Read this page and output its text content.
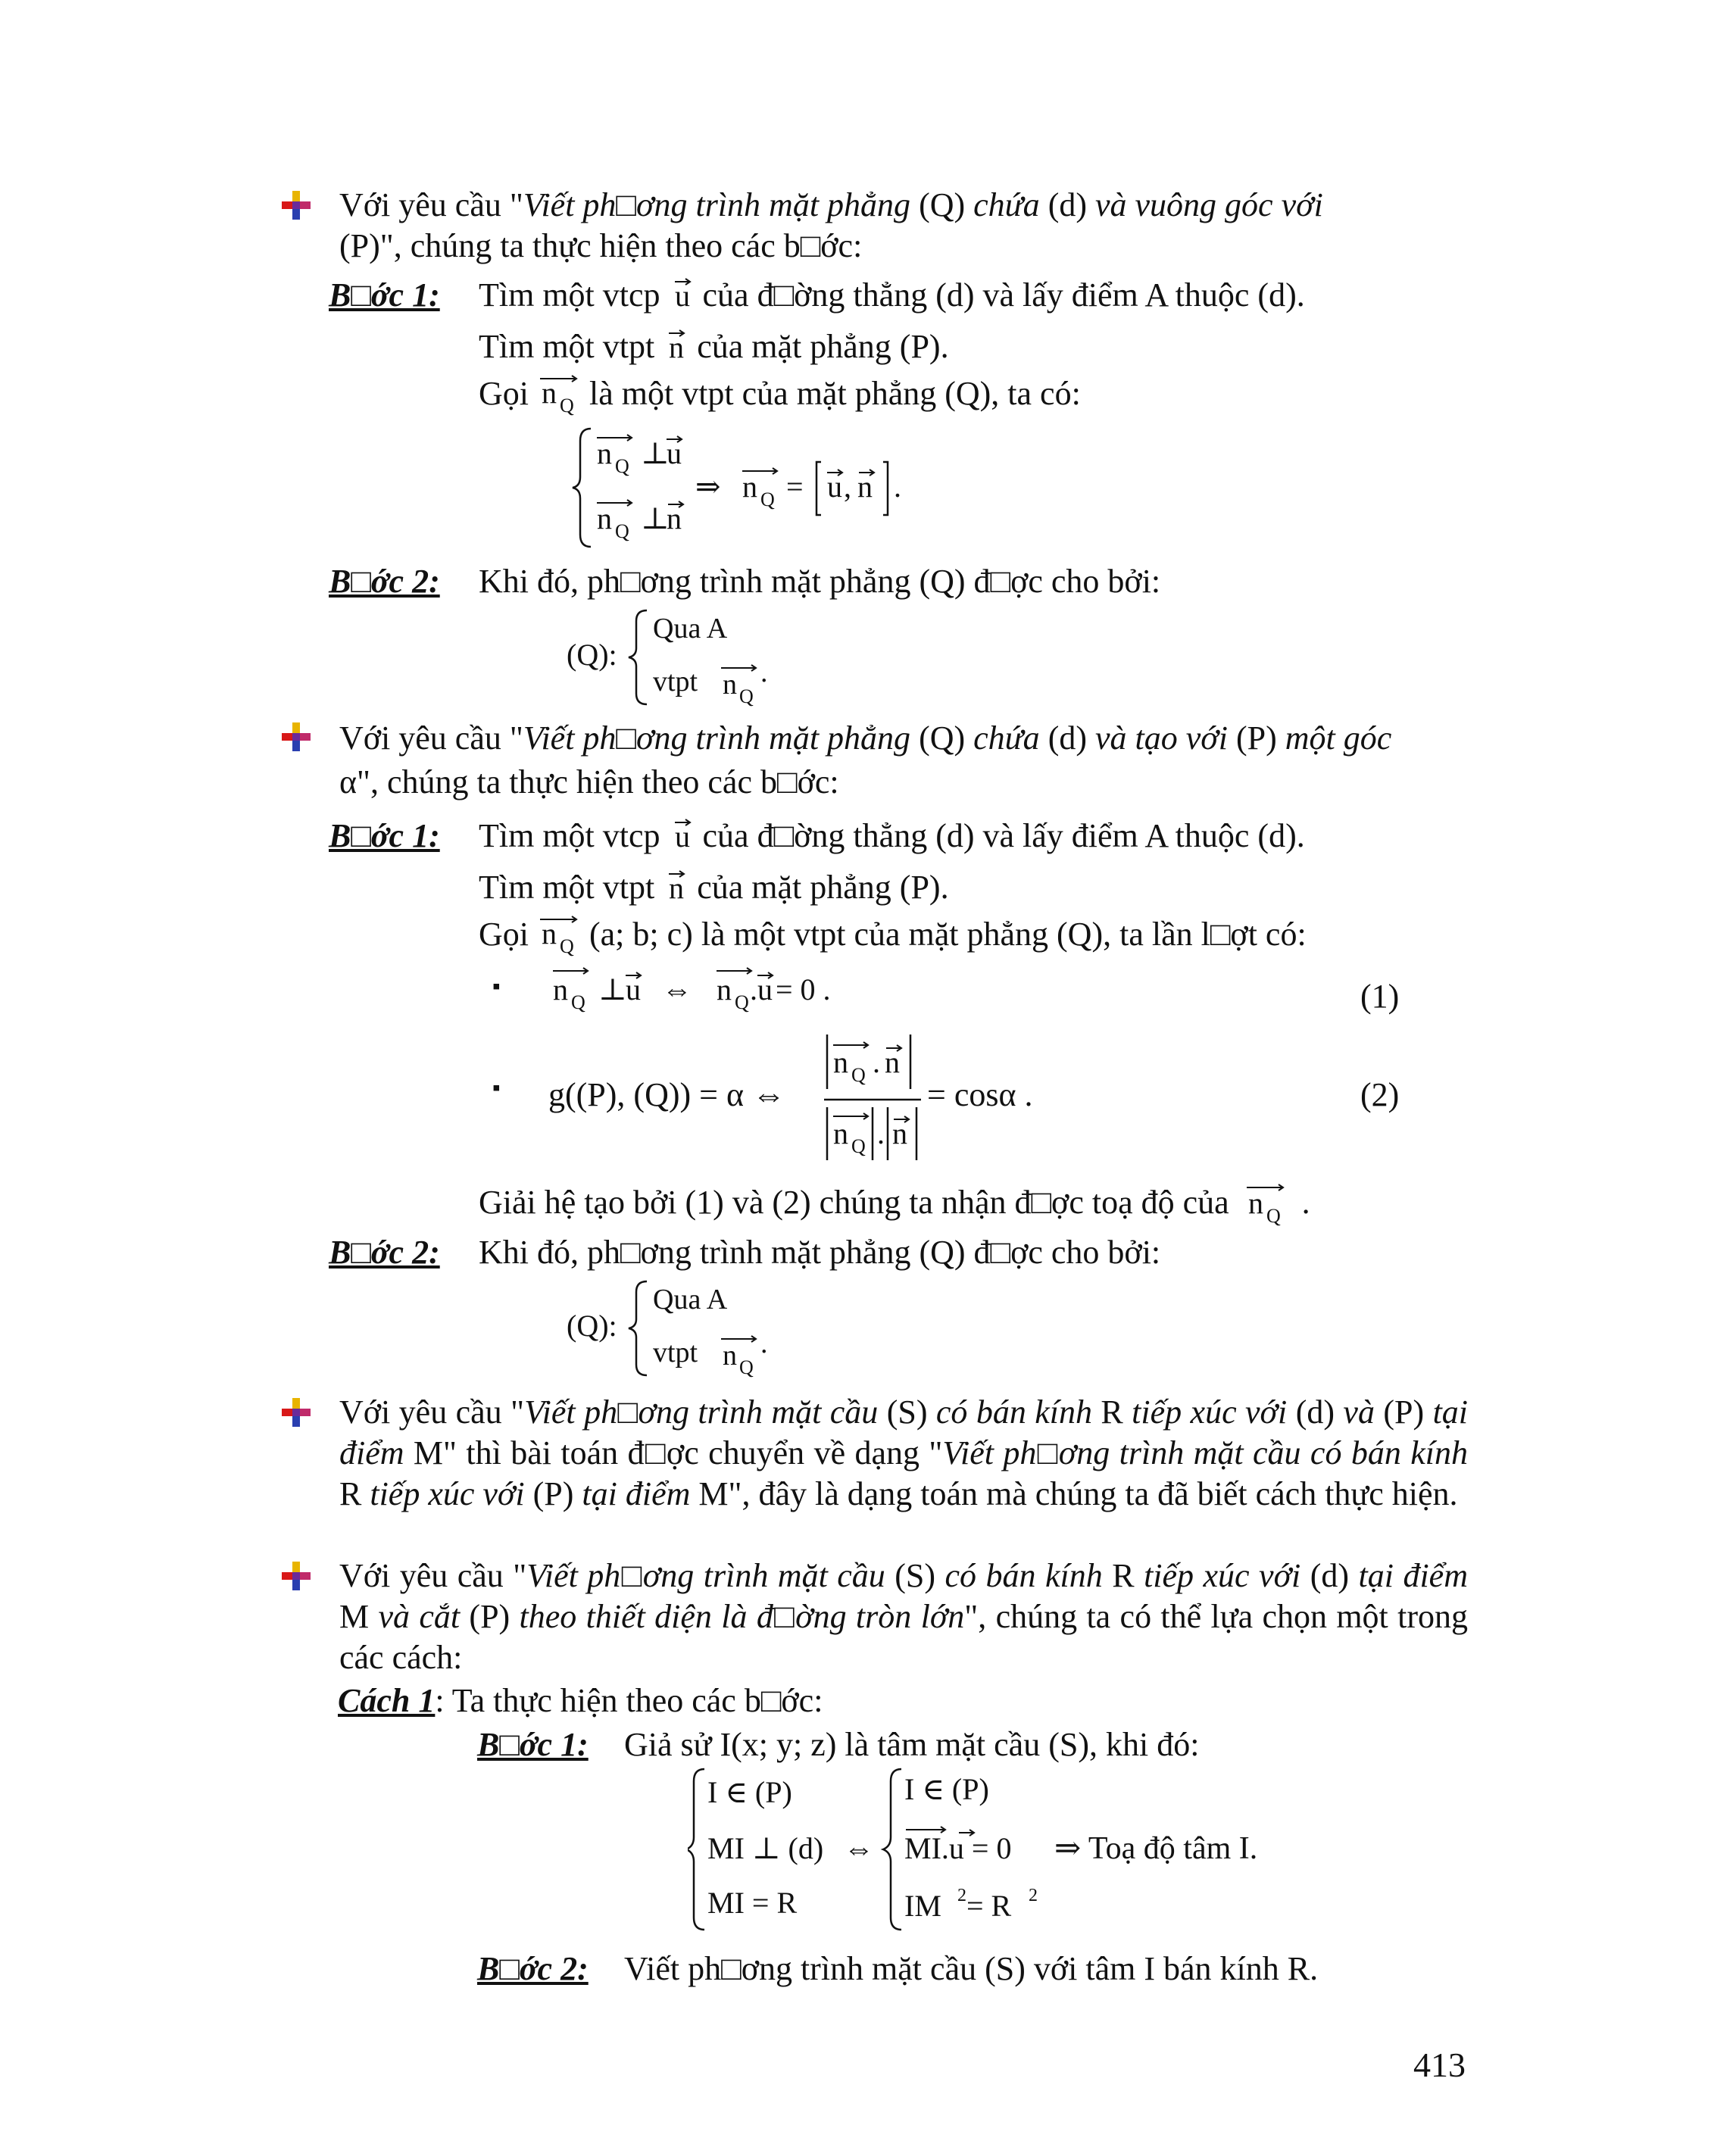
Với yêu cầu "Viết ph□ơng trình mặt phẳng (Q) chứa (d) và vuông góc với
(P)", chúng ta thực hiện theo các b□ớc:
B□ớc 1: Tìm một vtcp u của đ□ờng thẳng (d) và lấy điểm A thuộc (d).
Tìm một vtpt n của mặt phẳng (P).
Gọi n Q là một vtpt của mặt phẳng (Q), ta có:
n Q ⊥
u
n Q ⊥
n
⇒ n Q = u , n .
B□ớc 2: Khi đó, ph□ơng trình mặt phẳng (Q) đ□ợc cho bởi:
(Q):
Qua A
vtpt n Q
.
Với yêu cầu "Viết ph□ơng trình mặt phẳng (Q) chứa (d) và tạo với (P) một góc
α", chúng ta thực hiện theo các b□ớc:
B□ớc 1: Tìm một vtcp u của đ□ờng thẳng (d) và lấy điểm A thuộc (d).
Tìm một vtpt n của mặt phẳng (P).
Gọi n Q (a; b; c) là một vtpt của mặt phẳng (Q), ta lần l□ợt có:
▪ n Q ⊥
u ⇔ n Q .u = 0 .	(1)
▪ g((P), (Q)) = α ⇔
n Q . n
n Q . n
= cosα .	(2)
Giải hệ tạo bởi (1) và (2) chúng ta nhận đ□ợc toạ độ của n Q .
B□ớc 2: Khi đó, ph□ơng trình mặt phẳng (Q) đ□ợc cho bởi:
(Q):
Qua A
vtpt n Q
.
Với yêu cầu "Viết ph□ơng trình mặt cầu (S) có bán kính R tiếp xúc với (d) và (P) tại điểm M" thì bài toán đ□ợc chuyển về dạng "Viết ph□ơng trình mặt cầu có bán kính R tiếp xúc với (P) tại điểm M", đây là dạng toán mà chúng ta đã biết cách thực hiện.
Với yêu cầu "Viết ph□ơng trình mặt cầu (S) có bán kính R tiếp xúc với (d) tại điểm M và cắt (P) theo thiết diện là đ□ờng tròn lớn", chúng ta có thể lựa chọn một trong các cách:
Cách 1: Ta thực hiện theo các b□ớc:
B□ớc 1: Giả sử I(x; y; z) là tâm mặt cầu (S), khi đó:
I ∈ (P)
MI ⊥ (d)
MI = R
⇔
I ∈ (P)
MI.u = 0
IM 2 = R 2
⇒ Toạ độ tâm I.
B□ớc 2: Viết ph□ơng trình mặt cầu (S) với tâm I bán kính R.
413
